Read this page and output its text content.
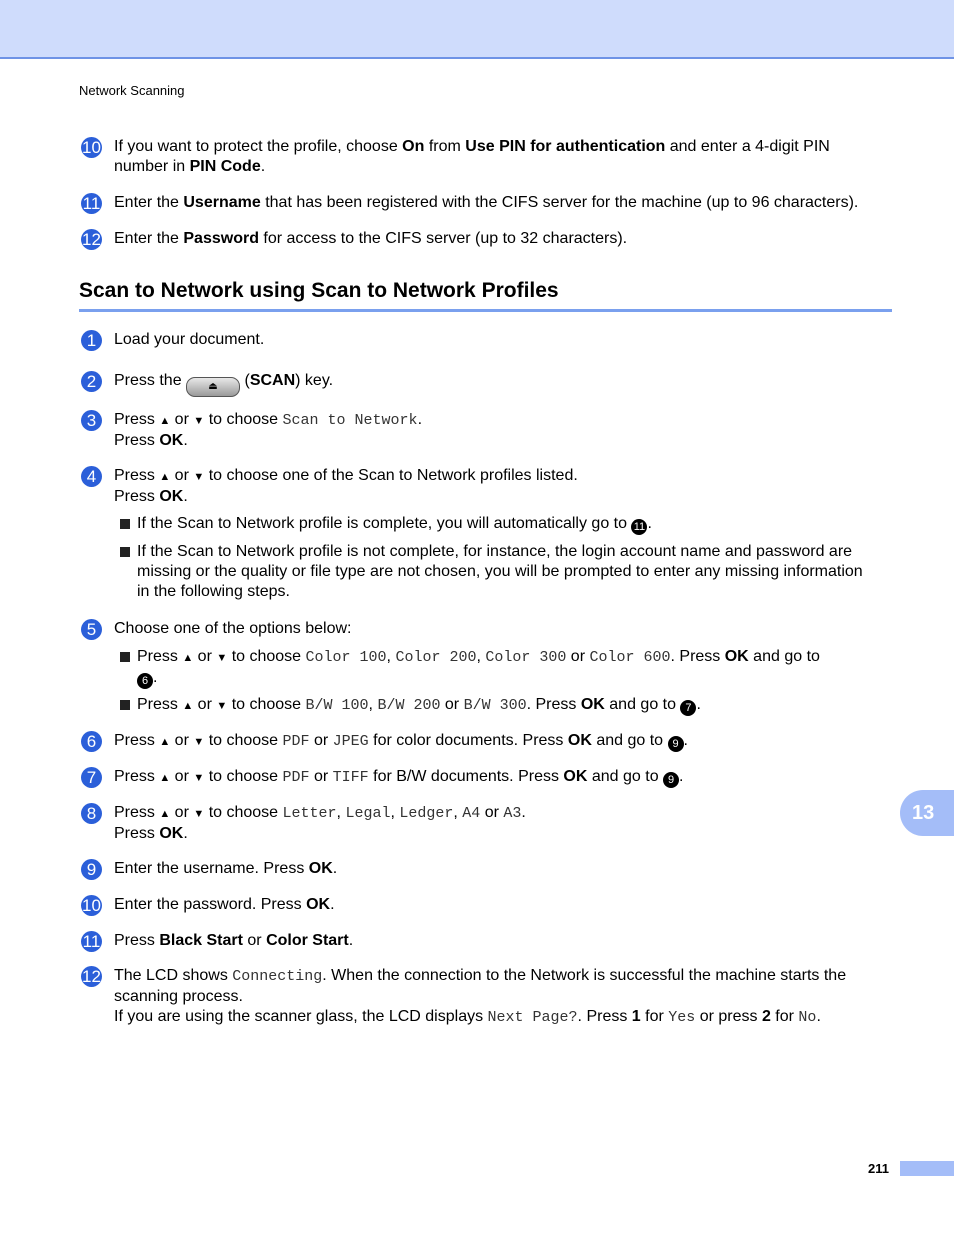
Network Scanning
10 If you want to protect the profile, choose On from Use PIN for authentication and enter a 4-digit PIN
number in PIN Code.
11 Enter the Username that has been registered with the CIFS server for the machine (up to 96 characters).
12 Enter the Password for access to the CIFS server (up to 32 characters).
Scan to Network using Scan to Network Profiles
1	Load your document.
2	Press the ⏏ (SCAN) key.
3	Press ▲ or ▼ to choose Scan to Network.
Press OK.
4	Press ▲ or ▼ to choose one of the Scan to Network profiles listed.
Press OK.
If the Scan to Network profile is complete, you will automatically go to 11 .
If the Scan to Network profile is not complete, for instance, the login account name and password are
missing or the quality or file type are not chosen, you will be prompted to enter any missing information
in the following steps.
5	Choose one of the options below:
Press ▲ or ▼ to choose Color 100, Color 200, Color 300 or Color 600. Press OK and go to
6 .
Press ▲ or ▼ to choose B/W 100, B/W 200 or B/W 300. Press OK and go to 7 .
6	Press ▲ or ▼ to choose PDF or JPEG for color documents. Press OK and go to 9 .
7	Press ▲ or ▼ to choose PDF or TIFF for B/W documents. Press OK and go to 9 .
8	Press ▲ or ▼ to choose Letter, Legal, Ledger, A4 or A3.
Press OK.
9	Enter the username. Press OK.
10 Enter the password. Press OK.
11 Press Black Start or Color Start.
12 The LCD shows Connecting. When the connection to the Network is successful the machine starts the
scanning process.
If you are using the scanner glass, the LCD displays Next Page?. Press 1 for Yes or press 2 for No.
13
211
